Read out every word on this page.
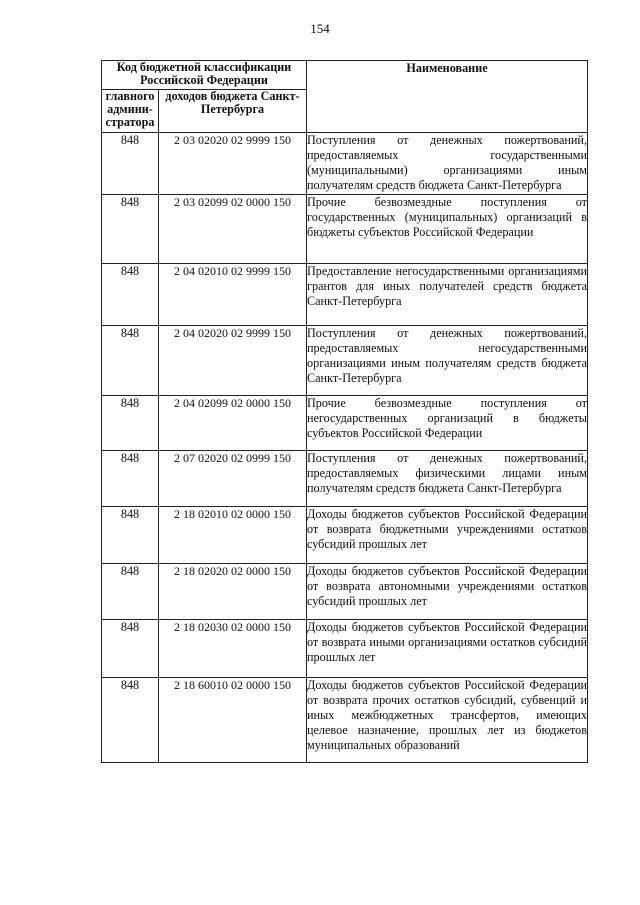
154
Код бюджетной классификации Российской Федерации		Наименование
главного админи-стратора	доходов бюджета Санкт-Петербурга	
848	2 03 02020 02 9999 150	Поступления от денежных пожертвований, предоставляемых государственными (муниципальными) организациями иным получателям средств бюджета Санкт-Петербурга
848	2 03 02099 02 0000 150	Прочие безвозмездные поступления от государственных (муниципальных) организаций в бюджеты субъектов Российской Федерации
848	2 04 02010 02 9999 150	Предоставление негосударственными организациями грантов для иных получателей средств бюджета Санкт-Петербурга
848	2 04 02020 02 9999 150	Поступления от денежных пожертвований, предоставляемых негосударственными организациями иным получателям средств бюджета Санкт-Петербурга
848	2 04 02099 02 0000 150	Прочие безвозмездные поступления от негосударственных организаций в бюджеты субъектов Российской Федерации
848	2 07 02020 02 0999 150	Поступления от денежных пожертвований, предоставляемых физическими лицами иным получателям средств бюджета Санкт-Петербурга
848	2 18 02010 02 0000 150	Доходы бюджетов субъектов Российской Федерации от возврата бюджетными учреждениями остатков субсидий прошлых лет
848	2 18 02020 02 0000 150	Доходы бюджетов субъектов Российской Федерации от возврата автономными учреждениями остатков субсидий прошлых лет
848	2 18 02030 02 0000 150	Доходы бюджетов субъектов Российской Федерации от возврата иными организациями остатков субсидий прошлых лет
848	2 18 60010 02 0000 150	Доходы бюджетов субъектов Российской Федерации от возврата прочих остатков субсидий, субвенций и иных межбюджетных трансфертов, имеющих целевое назначение, прошлых лет из бюджетов муниципальных образований
